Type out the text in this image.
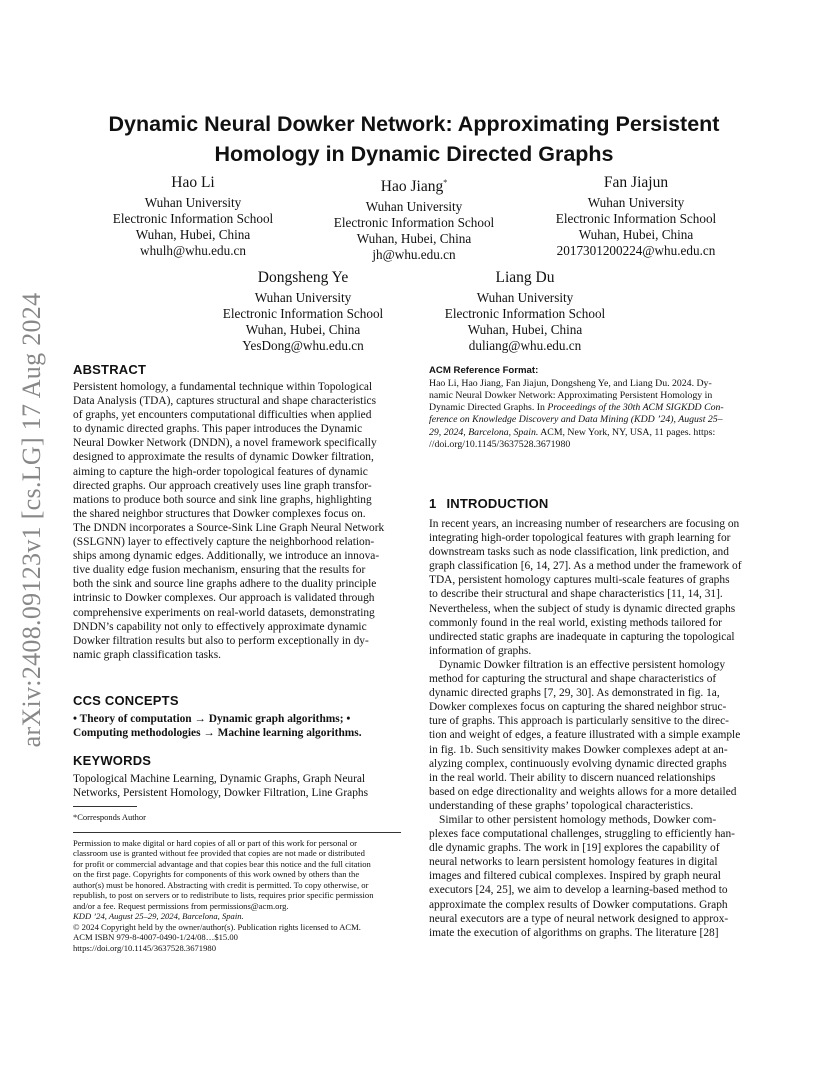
arXiv:2408.09123v1 [cs.LG] 17 Aug 2024
Dynamic Neural Dowker Network: Approximating Persistent
Homology in Dynamic Directed Graphs
Hao Li
Wuhan University
Electronic Information School
Wuhan, Hubei, China
whulh@whu.edu.cn
Hao Jiang*
Wuhan University
Electronic Information School
Wuhan, Hubei, China
jh@whu.edu.cn
Fan Jiajun
Wuhan University
Electronic Information School
Wuhan, Hubei, China
2017301200224@whu.edu.cn
Dongsheng Ye
Wuhan University
Electronic Information School
Wuhan, Hubei, China
YesDong@whu.edu.cn
Liang Du
Wuhan University
Electronic Information School
Wuhan, Hubei, China
duliang@whu.edu.cn
ABSTRACT
Persistent homology, a fundamental technique within Topological
Data Analysis (TDA), captures structural and shape characteristics
of graphs, yet encounters computational difficulties when applied
to dynamic directed graphs. This paper introduces the Dynamic
Neural Dowker Network (DNDN), a novel framework specifically
designed to approximate the results of dynamic Dowker filtration,
aiming to capture the high-order topological features of dynamic
directed graphs. Our approach creatively uses line graph transfor-
mations to produce both source and sink line graphs, highlighting
the shared neighbor structures that Dowker complexes focus on.
The DNDN incorporates a Source-Sink Line Graph Neural Network
(SSLGNN) layer to effectively capture the neighborhood relation-
ships among dynamic edges. Additionally, we introduce an innova-
tive duality edge fusion mechanism, ensuring that the results for
both the sink and source line graphs adhere to the duality principle
intrinsic to Dowker complexes. Our approach is validated through
comprehensive experiments on real-world datasets, demonstrating
DNDN’s capability not only to effectively approximate dynamic
Dowker filtration results but also to perform exceptionally in dy-
namic graph classification tasks.
CCS CONCEPTS
• Theory of computation → Dynamic graph algorithms; •
Computing methodologies → Machine learning algorithms.
KEYWORDS
Topological Machine Learning, Dynamic Graphs, Graph Neural
Networks, Persistent Homology, Dowker Filtration, Line Graphs
*Corresponds Author
Permission to make digital or hard copies of all or part of this work for personal or
classroom use is granted without fee provided that copies are not made or distributed
for profit or commercial advantage and that copies bear this notice and the full citation
on the first page. Copyrights for components of this work owned by others than the
author(s) must be honored. Abstracting with credit is permitted. To copy otherwise, or
republish, to post on servers or to redistribute to lists, requires prior specific permission
and/or a fee. Request permissions from permissions@acm.org.
KDD ’24, August 25–29, 2024, Barcelona, Spain.
© 2024 Copyright held by the owner/author(s). Publication rights licensed to ACM.
ACM ISBN 979-8-4007-0490-1/24/08…$15.00
https://doi.org/10.1145/3637528.3671980
ACM Reference Format:
Hao Li, Hao Jiang, Fan Jiajun, Dongsheng Ye, and Liang Du. 2024. Dy-
namic Neural Dowker Network: Approximating Persistent Homology in
Dynamic Directed Graphs. In Proceedings of the 30th ACM SIGKDD Con-
ference on Knowledge Discovery and Data Mining (KDD ’24), August 25–
29, 2024, Barcelona, Spain. ACM, New York, NY, USA, 11 pages. https:
//doi.org/10.1145/3637528.3671980
1 INTRODUCTION
In recent years, an increasing number of researchers are focusing on
integrating high-order topological features with graph learning for
downstream tasks such as node classification, link prediction, and
graph classification [6, 14, 27]. As a method under the framework of
TDA, persistent homology captures multi-scale features of graphs
to describe their structural and shape characteristics [11, 14, 31].
Nevertheless, when the subject of study is dynamic directed graphs
commonly found in the real world, existing methods tailored for
undirected static graphs are inadequate in capturing the topological
information of graphs.
Dynamic Dowker filtration is an effective persistent homology
method for capturing the structural and shape characteristics of
dynamic directed graphs [7, 29, 30]. As demonstrated in fig. 1a,
Dowker complexes focus on capturing the shared neighbor struc-
ture of graphs. This approach is particularly sensitive to the direc-
tion and weight of edges, a feature illustrated with a simple example
in fig. 1b. Such sensitivity makes Dowker complexes adept at an-
alyzing complex, continuously evolving dynamic directed graphs
in the real world. Their ability to discern nuanced relationships
based on edge directionality and weights allows for a more detailed
understanding of these graphs’ topological characteristics.
Similar to other persistent homology methods, Dowker com-
plexes face computational challenges, struggling to efficiently han-
dle dynamic graphs. The work in [19] explores the capability of
neural networks to learn persistent homology features in digital
images and filtered cubical complexes. Inspired by graph neural
executors [24, 25], we aim to develop a learning-based method to
approximate the complex results of Dowker computations. Graph
neural executors are a type of neural network designed to approx-
imate the execution of algorithms on graphs. The literature [28]
